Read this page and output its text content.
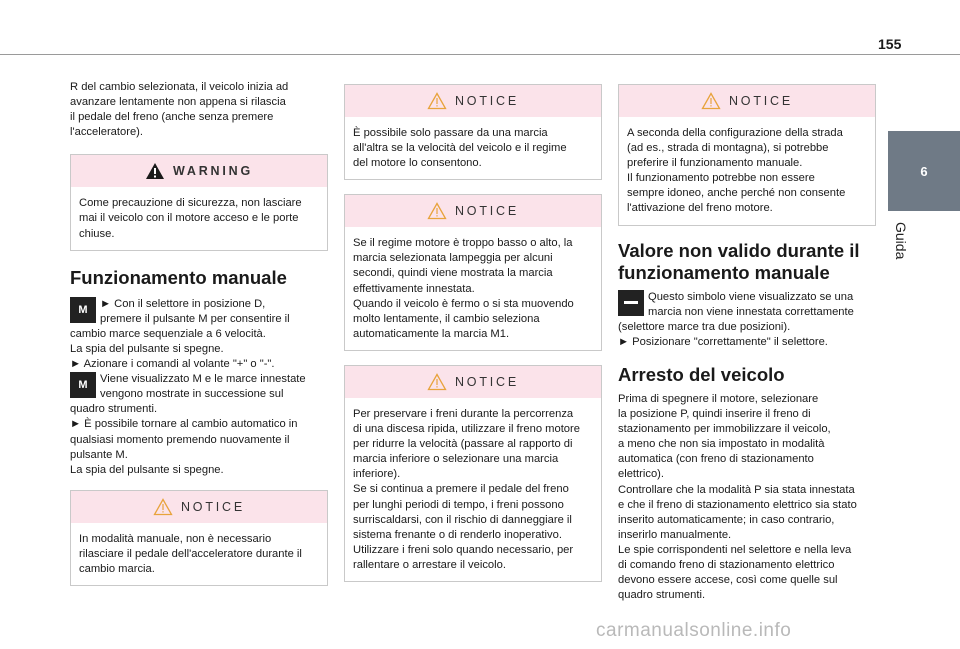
155
6
Guida

R del cambio selezionata, il veicolo inizia ad

avanzare lentamente non appena si rilascia

il pedale del freno (anche senza premere

l'acceleratore).

WARNING

Come precauzione di sicurezza, non lasciare

mai il veicolo con il motore acceso e le porte

chiuse.

Funzionamento manuale
M ► Con il selettore in posizione D,

premere il pulsante M per consentire il

cambio marce sequenziale a 6 velocità.

La spia del pulsante si spegne.

► Azionare i comandi al volante "+" o "-".

M Viene visualizzato M e le marce innestate

vengono mostrate in successione sul

quadro strumenti.

► È possibile tornare al cambio automatico in

qualsiasi momento premendo nuovamente il

pulsante M.

La spia del pulsante si spegne.

NOTICE

In modalità manuale, non è necessario

rilasciare il pedale dell'acceleratore durante il

cambio marcia.

NOTICE

È possibile solo passare da una marcia

all'altra se la velocità del veicolo e il regime

del motore lo consentono.

NOTICE

Se il regime motore è troppo basso o alto, la

marcia selezionata lampeggia per alcuni

secondi, quindi viene mostrata la marcia

effettivamente innestata.

Quando il veicolo è fermo o si sta muovendo

molto lentamente, il cambio seleziona

automaticamente la marcia M1.

NOTICE

Per preservare i freni durante la percorrenza

di una discesa ripida, utilizzare il freno motore

per ridurre la velocità (passare al rapporto di

marcia inferiore o selezionare una marcia

inferiore).

Se si continua a premere il pedale del freno

per lunghi periodi di tempo, i freni possono

surriscaldarsi, con il rischio di danneggiare il

sistema frenante o di renderlo inoperativo.

Utilizzare i freni solo quando necessario, per

rallentare o arrestare il veicolo.

NOTICE

A seconda della configurazione della strada

(ad es., strada di montagna), si potrebbe

preferire il funzionamento manuale.

Il funzionamento potrebbe non essere

sempre idoneo, anche perché non consente

l'attivazione del freno motore.

Valore non valido durante il
funzionamento manuale

Questo simbolo viene visualizzato se una

marcia non viene innestata correttamente

(selettore marce tra due posizioni).

► Posizionare "correttamente" il selettore.

Arresto del veicolo

Prima di spegnere il motore, selezionare

la posizione P, quindi inserire il freno di

stazionamento per immobilizzare il veicolo,

a meno che non sia impostato in modalità

automatica (con freno di stazionamento

elettrico).

Controllare che la modalità P sia stata innestata

e che il freno di stazionamento elettrico sia stato

inserito automaticamente; in caso contrario,

inserirlo manualmente.

Le spie corrispondenti nel selettore e nella leva

di comando freno di stazionamento elettrico

devono essere accese, così come quelle sul

quadro strumenti.

carmanualsonline.info
